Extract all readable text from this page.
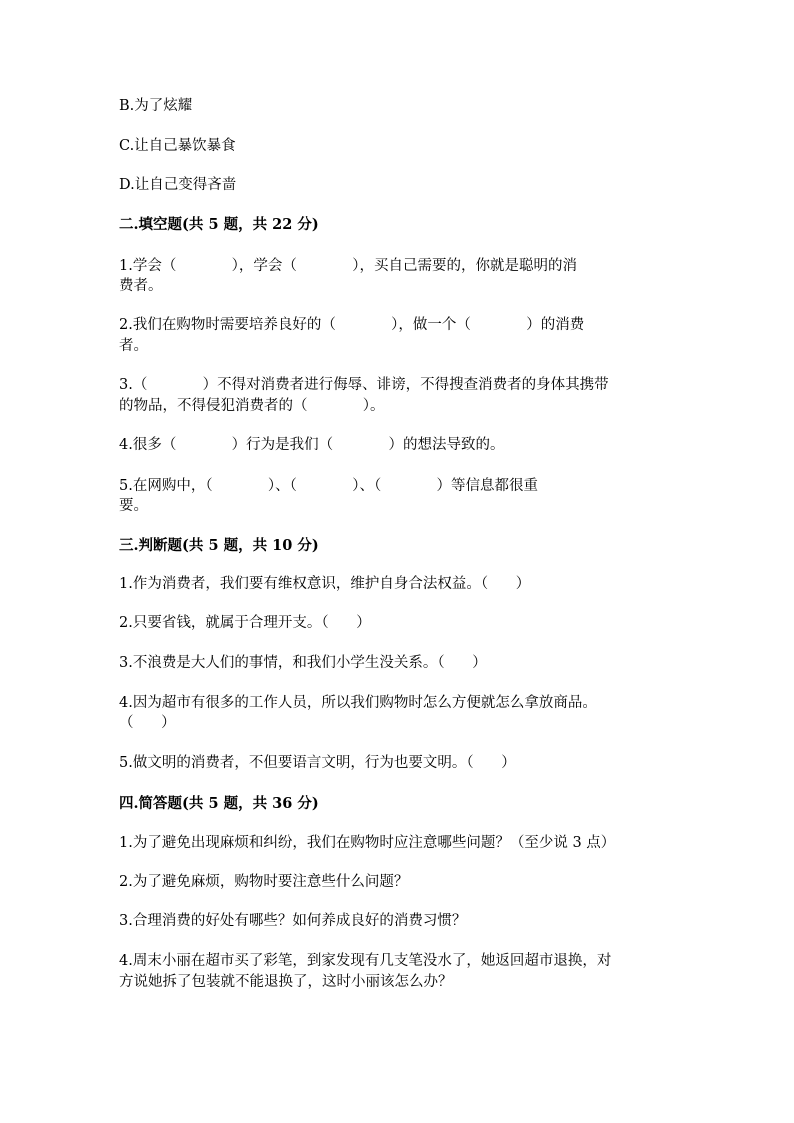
B.为了炫耀
C.让自己暴饮暴食
D.让自己变得吝啬
二.填空题(共 5 题，共 22 分)
1.学会（            ），学会（            ），买自己需要的，你就是聪明的消
费者。
2.我们在购物时需要培养良好的（            ），做一个（            ）的消费
者。
3.（            ）不得对消费者进行侮辱、诽谤，不得搜查消费者的身体其携带
的物品，不得侵犯消费者的（            ）。
4.很多（            ）行为是我们（            ）的想法导致的。
5.在网购中，（            ）、（            ）、（            ）等信息都很重
要。
三.判断题(共 5 题，共 10 分)
1.作为消费者，我们要有维权意识，维护自身合法权益。（      ）
2.只要省钱，就属于合理开支。（      ）
3.不浪费是大人们的事情，和我们小学生没关系。（      ）
4.因为超市有很多的工作人员，所以我们购物时怎么方便就怎么拿放商品。
（      ）
5.做文明的消费者，不但要语言文明，行为也要文明。（      ）
四.简答题(共 5 题，共 36 分)
1.为了避免出现麻烦和纠纷，我们在购物时应注意哪些问题？（至少说 3 点）
2.为了避免麻烦，购物时要注意些什么问题？
3.合理消费的好处有哪些？如何养成良好的消费习惯？
4.周末小丽在超市买了彩笔，到家发现有几支笔没水了，她返回超市退换，对
方说她拆了包装就不能退换了，这时小丽该怎么办？
